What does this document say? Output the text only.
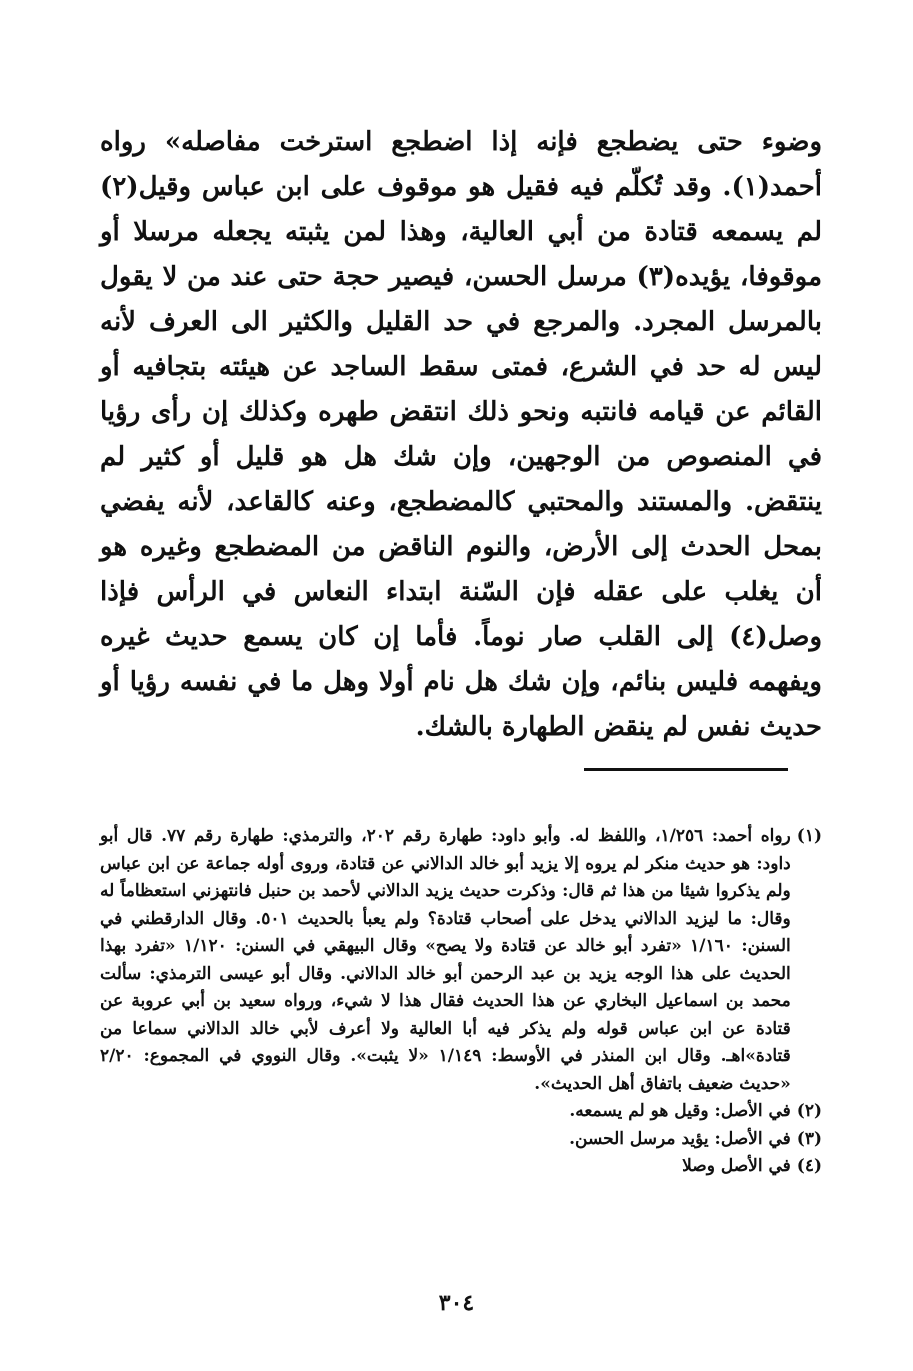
وضوء حتى يضطجع فإنه إذا اضطجع استرخت مفاصله» رواه أحمد(١). وقد تُكلّم فيه فقيل هو موقوف على ابن عباس وقيل(٢) لم يسمعه قتادة من أبي العالية، وهذا لمن يثبته يجعله مرسلا أو موقوفا، يؤيده(٣) مرسل الحسن، فيصير حجة حتى عند من لا يقول بالمرسل المجرد. والمرجع في حد القليل والكثير الى العرف لأنه ليس له حد في الشرع، فمتى سقط الساجد عن هيئته بتجافيه أو القائم عن قيامه فانتبه ونحو ذلك انتقض طهره وكذلك إن رأى رؤيا في المنصوص من الوجهين، وإن شك هل هو قليل أو كثير لم ينتقض. والمستند والمحتبي كالمضطجع، وعنه كالقاعد، لأنه يفضي بمحل الحدث إلى الأرض، والنوم الناقض من المضطجع وغيره هو أن يغلب على عقله فإن السّنة ابتداء النعاس في الرأس فإذا وصل(٤) إلى القلب صار نوماً. فأما إن كان يسمع حديث غيره ويفهمه فليس بنائم، وإن شك هل نام أولا وهل ما في نفسه رؤيا أو حديث نفس لم ينقض الطهارة بالشك.

(١)
رواه أحمد: ١/٢٥٦، واللفظ له. وأبو داود: طهارة رقم ٢٠٢، والترمذي: طهارة رقم ٧٧. قال أبو داود: هو حديث منكر لم يروه إلا يزيد أبو خالد الدالاني عن قتادة، وروى أوله جماعة عن ابن عباس ولم يذكروا شيئا من هذا ثم قال: وذكرت حديث يزيد الدالاني لأحمد بن حنبل فانتهزني استعظاماً له وقال: ما ليزيد الدالاني يدخل على أصحاب قتادة؟ ولم يعبأ بالحديث ٥٠١. وقال الدارقطني في السنن: ١/١٦٠ «تفرد أبو خالد عن قتادة ولا يصح» وقال البيهقي في السنن: ١/١٢٠ «تفرد بهذا الحديث على هذا الوجه يزيد بن عبد الرحمن أبو خالد الدالاني. وقال أبو عيسى الترمذي: سألت محمد بن اسماعيل البخاري عن هذا الحديث فقال هذا لا شيء، ورواه سعيد بن أبي عروبة عن قتادة عن ابن عباس قوله ولم يذكر فيه أبا العالية ولا أعرف لأبي خالد الدالاني سماعا من قتادة»اهـ. وقال ابن المنذر في الأوسط: ١/١٤٩ «لا يثبت». وقال النووي في المجموع: ٢/٢٠ «حديث ضعيف باتفاق أهل الحديث».
(٢)
في الأصل: وقيل هو لم يسمعه.
(٣)
في الأصل: يؤيد مرسل الحسن.
(٤)
في الأصل وصلا
٣٠٤
